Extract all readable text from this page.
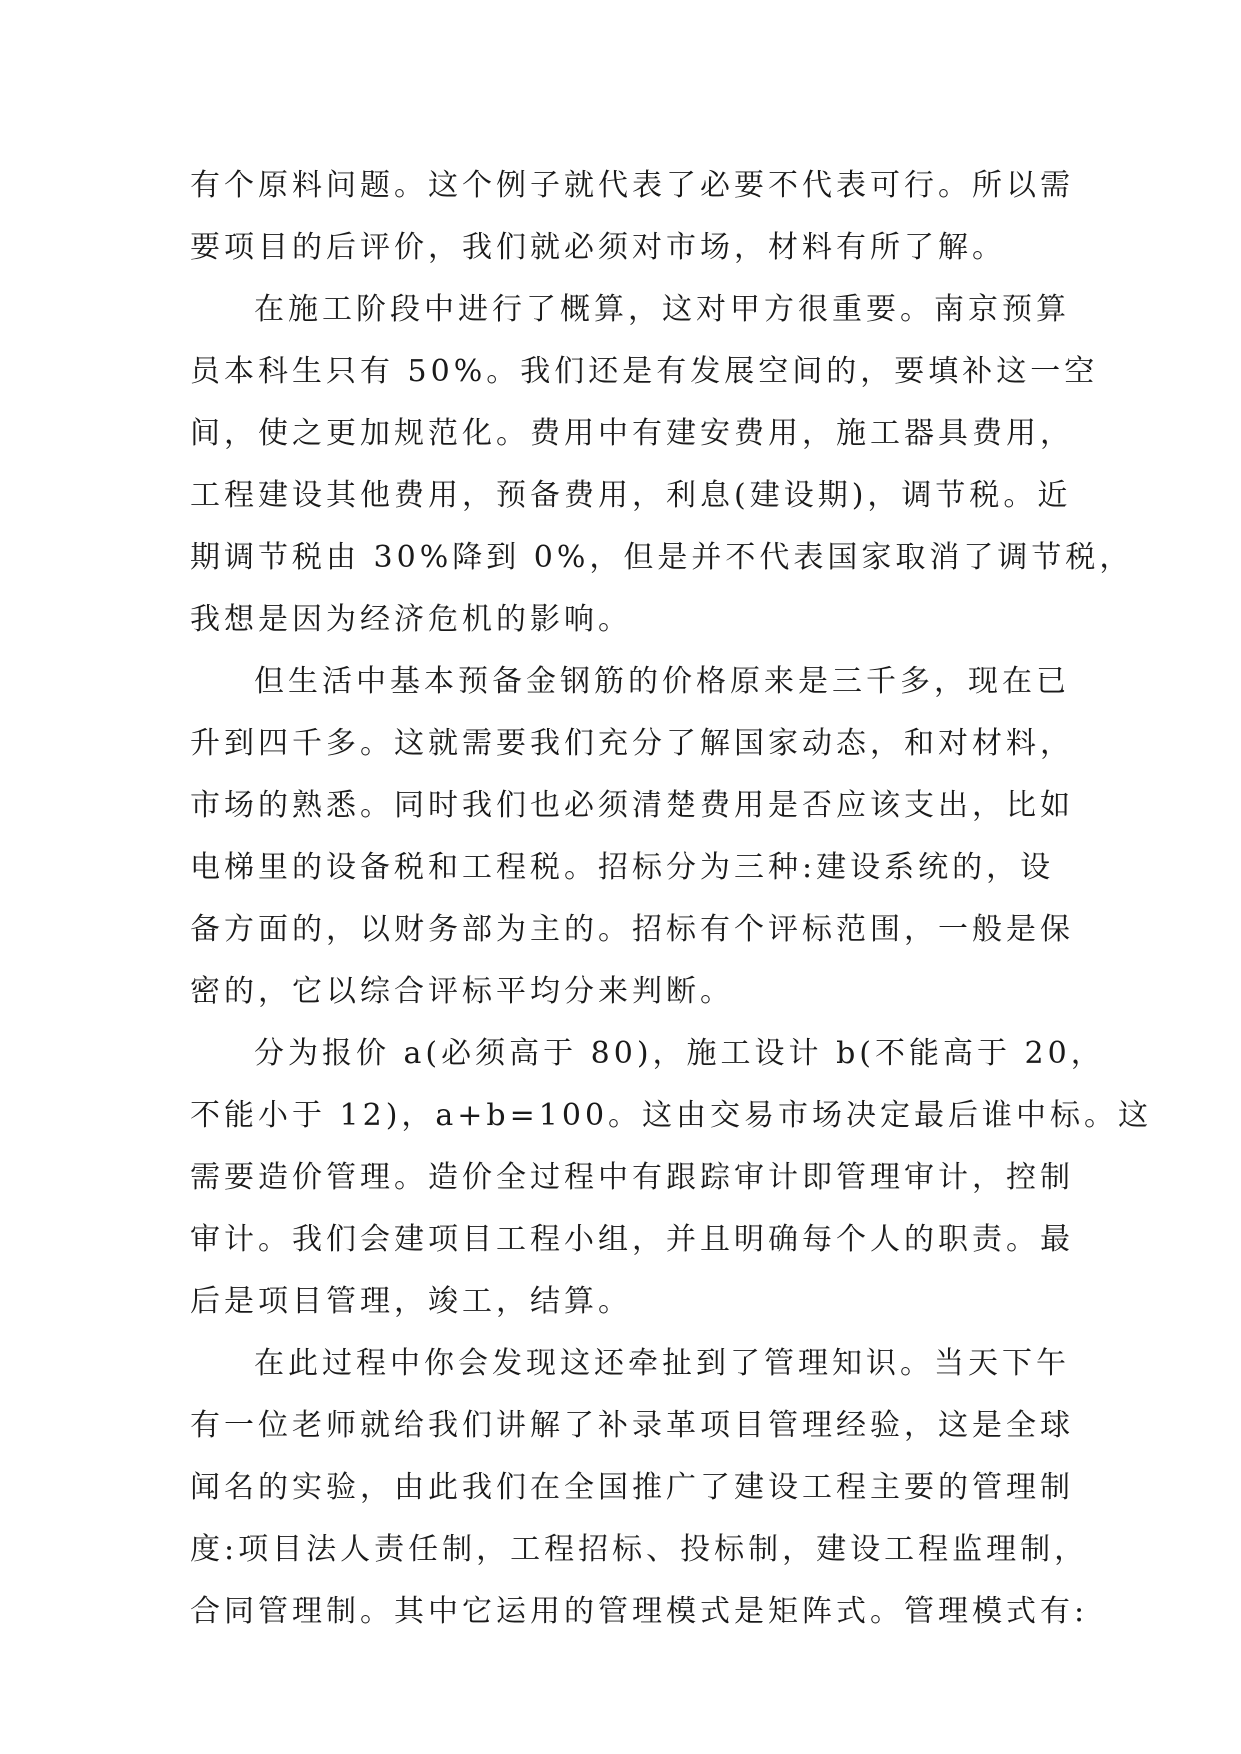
有个原料问题。这个例子就代表了必要不代表可行。所以需
要项目的后评价，我们就必须对市场，材料有所了解。
在施工阶段中进行了概算，这对甲方很重要。南京预算
员本科生只有 50%。我们还是有发展空间的，要填补这一空
间，使之更加规范化。费用中有建安费用，施工器具费用，
工程建设其他费用，预备费用，利息(建设期)，调节税。近
期调节税由 30%降到 0%，但是并不代表国家取消了调节税，
我想是因为经济危机的影响。
但生活中基本预备金钢筋的价格原来是三千多，现在已
升到四千多。这就需要我们充分了解国家动态，和对材料，
市场的熟悉。同时我们也必须清楚费用是否应该支出，比如
电梯里的设备税和工程税。招标分为三种:建设系统的，设
备方面的，以财务部为主的。招标有个评标范围，一般是保
密的，它以综合评标平均分来判断。
分为报价 a(必须高于 80)，施工设计 b(不能高于 20，
不能小于 12)，a+b=100。这由交易市场决定最后谁中标。这
需要造价管理。造价全过程中有跟踪审计即管理审计，控制
审计。我们会建项目工程小组，并且明确每个人的职责。最
后是项目管理，竣工，结算。
在此过程中你会发现这还牵扯到了管理知识。当天下午
有一位老师就给我们讲解了补录革项目管理经验，这是全球
闻名的实验，由此我们在全国推广了建设工程主要的管理制
度:项目法人责任制，工程招标、投标制，建设工程监理制，
合同管理制。其中它运用的管理模式是矩阵式。管理模式有:
